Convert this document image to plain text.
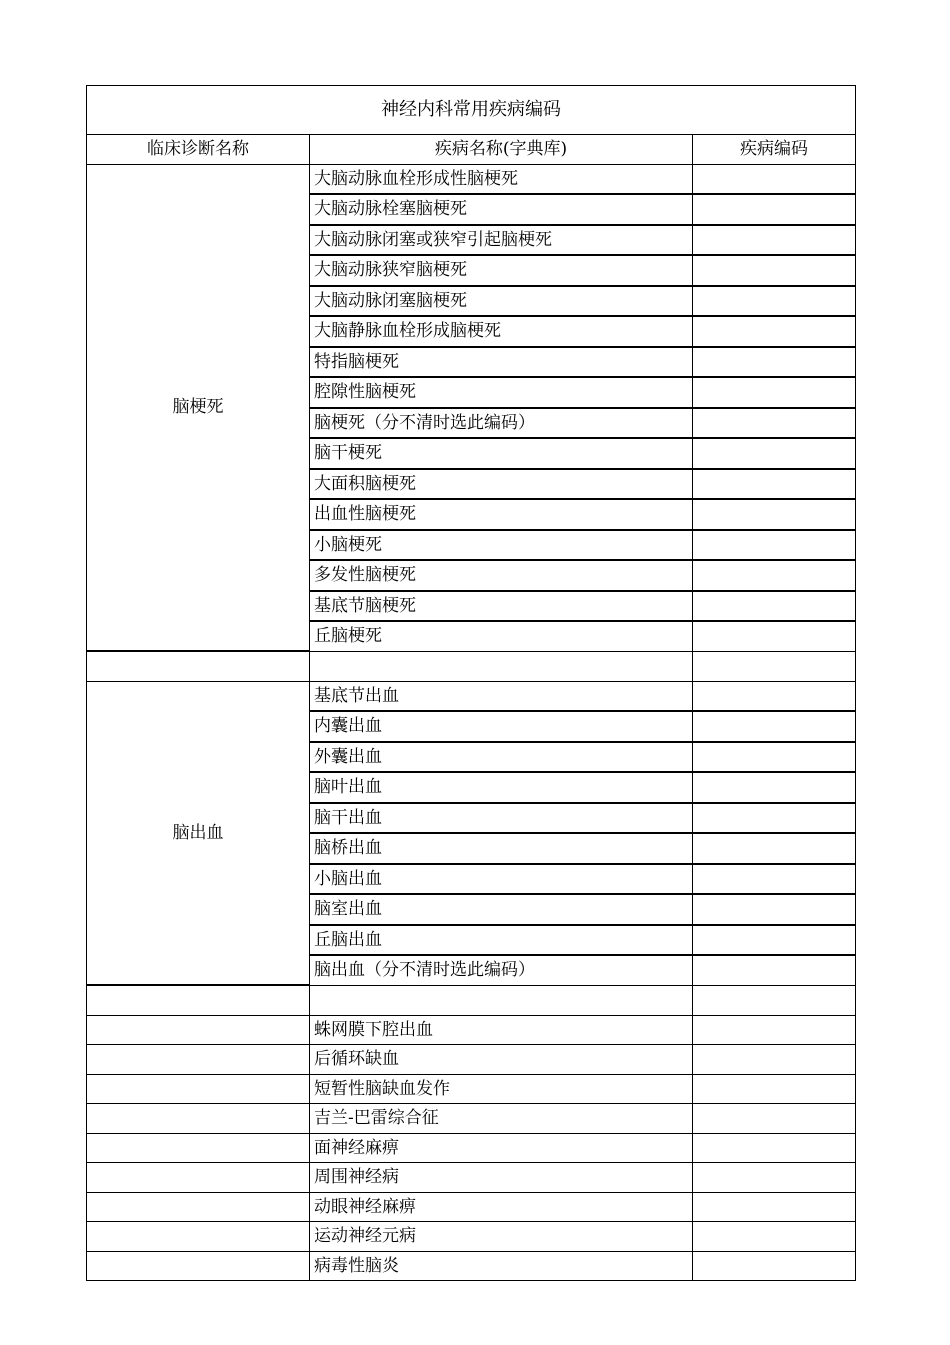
神经内科常用疾病编码		
临床诊断名称	疾病名称(字典库)	疾病编码
脑梗死	大脑动脉血栓形成性脑梗死	
	大脑动脉栓塞脑梗死	
	大脑动脉闭塞或狭窄引起脑梗死	
	大脑动脉狭窄脑梗死	
	大脑动脉闭塞脑梗死	
	大脑静脉血栓形成脑梗死	
	特指脑梗死	
	腔隙性脑梗死	
	脑梗死（分不清时选此编码）	
	脑干梗死	
	大面积脑梗死	
	出血性脑梗死	
	小脑梗死	
	多发性脑梗死	
	基底节脑梗死	
	丘脑梗死	

脑出血	基底节出血	
	内囊出血	
	外囊出血	
	脑叶出血	
	脑干出血	
	脑桥出血	
	小脑出血	
	脑室出血	
	丘脑出血	
	脑出血（分不清时选此编码）	

	蛛网膜下腔出血	
	后循环缺血	
	短暂性脑缺血发作	
	吉兰-巴雷综合征	
	面神经麻痹	
	周围神经病	
	动眼神经麻痹	
	运动神经元病	
	病毒性脑炎	
